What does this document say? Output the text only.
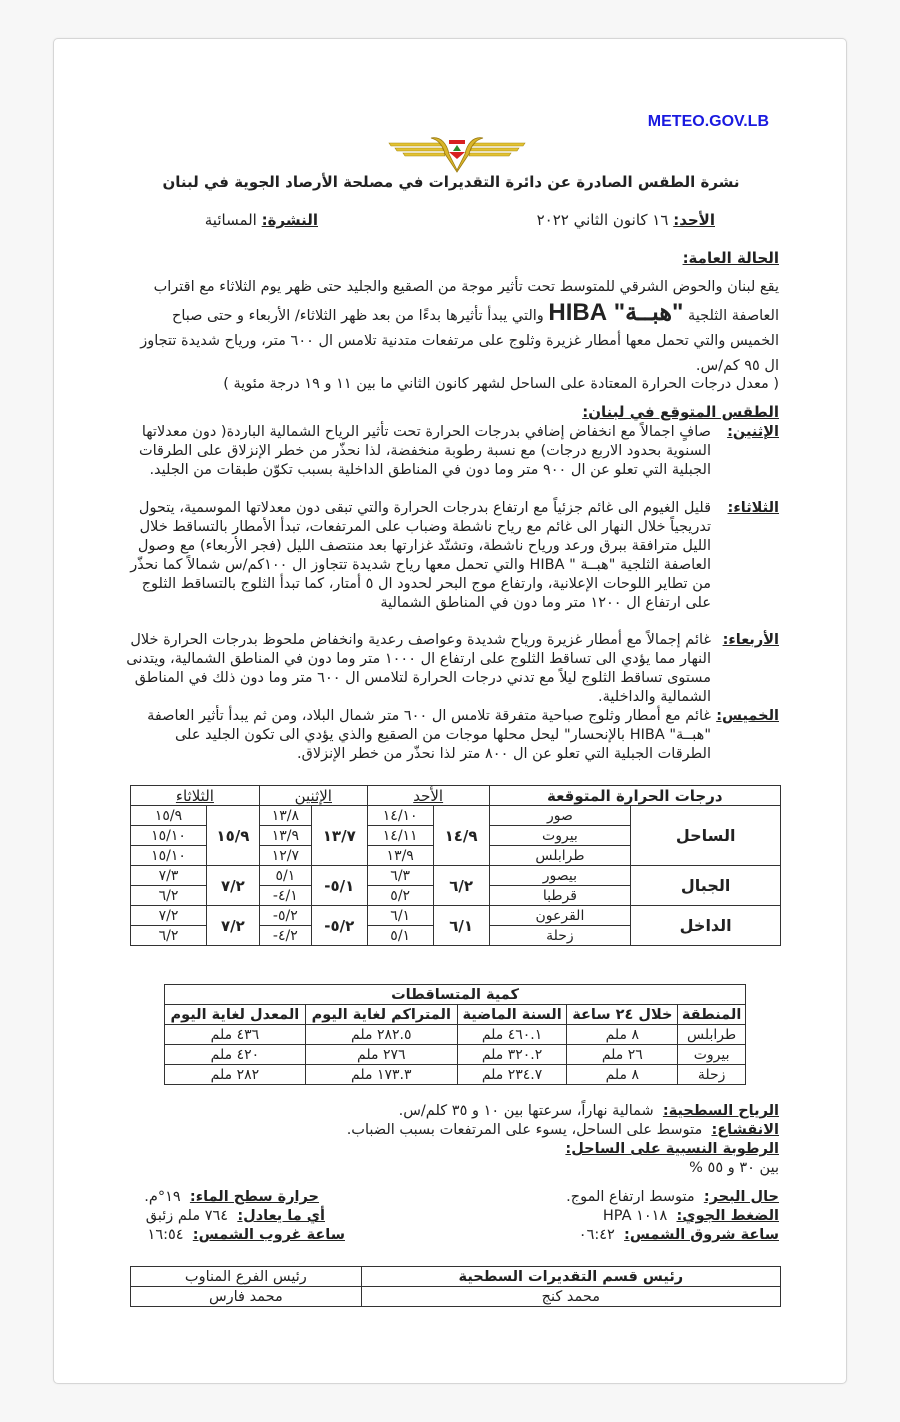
METEO.GOV.LB
نشرة الطقس الصادرة عن دائرة التقديرات في مصلحة الأرصاد الجوية في لبنان
الأحد: ١٦ كانون الثاني ٢٠٢٢
النشرة: المسائية
الحالة العامة:
يقع لبنان والحوض الشرقي للمتوسط تحت تأثير موجة من الصقيع والجليد حتى ظهر يوم الثلاثاء مع اقتراب العاصفة الثلجية "هبــة" HIBA والتي يبدأ تأثيرها بدءًا من بعد ظهر الثلاثاء/ الأربعاء و حتى صباح الخميس والتي تحمل معها أمطار غزيرة وثلوج على مرتفعات متدنية تلامس ال ٦٠٠ متر، ورياح شديدة تتجاوز ال ٩٥ كم/س.
( معدل درجات الحرارة المعتادة على الساحل لشهر كانون الثاني ما بين ١١ و ١٩ درجة مئوية )
الطقس المتوقع في لبنان:
الإثنين:
صافٍ اجمالاً مع انخفاض إضافي بدرجات الحرارة تحت تأثير الرياح الشمالية الباردة( دون معدلاتها السنوية بحدود الاربع درجات) مع نسبة رطوبة منخفضة، لذا نحذّر من خطر الإنزلاق على الطرقات الجبلية التي تعلو عن ال ٩٠٠ متر وما دون في المناطق الداخلية بسبب تكوّن طبقات من الجليد.
الثلاثاء:
قليل الغيوم الى غائم جزئياً مع ارتفاع بدرجات الحرارة والتي تبقى دون معدلاتها الموسمية، يتحول تدريجياً خلال النهار الى غائم مع رياح ناشطة وضباب على المرتفعات، تبدأ الأمطار بالتساقط خلال الليل مترافقة ببرق ورعد ورياح ناشطة، وتشتّد غزارتها بعد منتصف الليل (فجر الأربعاء) مع وصول العاصفة الثلجية "هبــة " HIBA والتي تحمل معها رياح شديدة تتجاوز ال ١٠٠كم/س شمالاً كما نحذّر من تطاير اللوحات الإعلانية، وارتفاع موج البحر لحدود ال ٥ أمتار، كما تبدأ الثلوج بالتساقط الثلوج على ارتفاع ال ١٢٠٠ متر وما دون في المناطق الشمالية
الأربعاء:
غائم إجمالاً مع أمطار غزيرة ورياح شديدة وعواصف رعدية وانخفاض ملحوظ بدرجات الحرارة خلال النهار مما يؤدي الى تساقط الثلوج على ارتفاع ال ١٠٠٠ متر وما دون في المناطق الشمالية، ويتدنى مستوى تساقط الثلوج ليلاً مع تدني درجات الحرارة لتلامس ال ٦٠٠ متر وما دون ذلك في المناطق الشمالية والداخلية.
الخميس:
غائم مع أمطار وثلوج صباحية متفرقة تلامس ال ٦٠٠ متر شمال البلاد، ومن ثم يبدأ تأثير العاصفة "هبــة" HIBA بالإنحسار" ليحل محلها موجات من الصقيع والذي يؤدي الى تكون الجليد على الطرقات الجبلية التي تعلو عن ال ٨٠٠ متر لذا نحذّر من خطر الإنزلاق.
درجات الحرارة المتوقعة		الأحد		الإثنين		الثلاثاء	
الساحل	صور	١٤/٩	١٤/١٠	١٣/٧	١٣/٨	١٥/٩	١٥/٩
	بيروت		١٤/١١		١٣/٩		١٥/١٠
	طرابلس		١٣/٩		١٢/٧		١٥/١٠
الجبال	بيصور	٦/٢	٦/٣	٥/١-	٥/١	٧/٢	٧/٣
	قرطبا		٥/٢		٤/١-		٦/٢
الداخل	القرعون	٦/١	٦/١	٥/٢-	٥/٢-	٧/٢	٧/٢
	زحلة		٥/١		٤/٢-		٦/٢
كمية المتساقطات				
المنطقة	خلال ٢٤ ساعة	السنة الماضية	المتراكم لغاية اليوم	المعدل لغاية اليوم
طرابلس	٨ ملم	٤٦٠.١ ملم	٢٨٢.٥ ملم	٤٣٦ ملم
بيروت	٢٦ ملم	٣٢٠.٢ ملم	٢٧٦ ملم	٤٢٠ ملم
زحلة	٨ ملم	٢٣٤.٧ ملم	١٧٣.٣ ملم	٢٨٢ ملم
الرياح السطحية:  شمالية نهاراً، سرعتها بين ١٠ و ٣٥ كلم/س.
الانقشاع:  متوسط على الساحل، يسوء على المرتفعات بسبب الضباب.
الرطوبة النسبية على الساحل:
بين ٣٠ و ٥٥ %
حال البحر:  متوسط ارتفاع الموج.
الضغط الجوي:  ١٠١٨ HPA
ساعة شروق الشمس:  ٠٦:٤٢
حرارة سطح الماء:  ١٩°م.
أي ما يعادل:  ٧٦٤ ملم زئبق
ساعة غروب الشمس:  ١٦:٥٤
رئيس قسم التقديرات السطحية	رئيس الفرع المناوب
محمد كنج	محمد فارس
